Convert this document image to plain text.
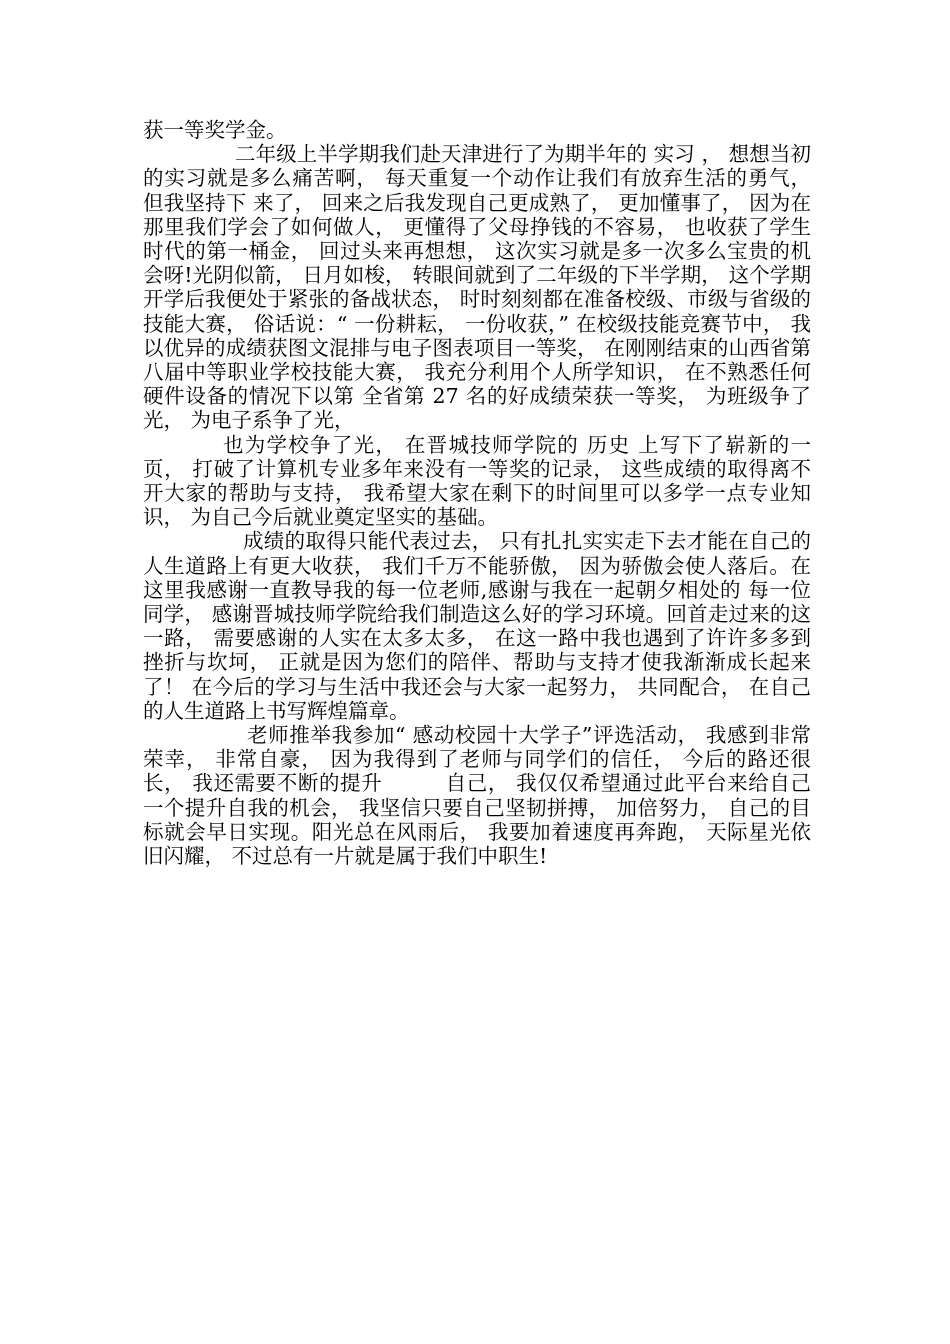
获一等奖学金。

二年级上半学期我们赴天津进行了为期半年的 实习 ， 想想当初的实习就是多么痛苦啊， 每天重复一个动作让我们有放弃生活的勇气， 但我坚持下 来了， 回来之后我发现自己更成熟了， 更加懂事了， 因为在那里我们学会了如何做人， 更懂得了父母挣钱的不容易， 也收获了学生时代的第一桶金， 回过头来再想想， 这次实习就是多一次多么宝贵的机会呀!光阴似箭， 日月如梭， 转眼间就到了二年级的下半学期， 这个学期开学后我便处于紧张的备战状态， 时时刻刻都在准备校级、市级与省级的技能大赛， 俗话说：“ 一份耕耘， 一份收获，” 在校级技能竞赛节中， 我以优异的成绩获图文混排与电子图表项目一等奖， 在刚刚结束的山西省第八届中等职业学校技能大赛， 我充分利用个人所学知识， 在不熟悉任何硬件设备的情况下以第 全省第 27 名的好成绩荣获一等奖， 为班级争了光， 为电子系争了光，

也为学校争了光， 在晋城技师学院的 历史 上写下了崭新的一页， 打破了计算机专业多年来没有一等奖的记录， 这些成绩的取得离不开大家的帮助与支持， 我希望大家在剩下的时间里可以多学一点专业知识， 为自己今后就业奠定坚实的基础。

成绩的取得只能代表过去， 只有扎扎实实走下去才能在自己的人生道路上有更大收获， 我们千万不能骄傲， 因为骄傲会使人落后。在这里我感谢一直教导我的每一位老师,感谢与我在一起朝夕相处的 每一位同学， 感谢晋城技师学院给我们制造这么好的学习环境。回首走过来的这一路， 需要感谢的人实在太多太多， 在这一路中我也遇到了许许多多到挫折与坎坷， 正就是因为您们的陪伴、帮助与支持才使我渐渐成长起来了！ 在今后的学习与生活中我还会与大家一起努力， 共同配合， 在自己的人生道路上书写辉煌篇章。

老师推举我参加“ 感动校园十大学子”评选活动， 我感到非常荣幸， 非常自豪， 因为我得到了老师与同学们的信任， 今后的路还很长， 我还需要不断的提升　　　自己， 我仅仅希望通过此平台来给自己一个提升自我的机会， 我坚信只要自己坚韧拼搏， 加倍努力， 自己的目标就会早日实现。阳光总在风雨后， 我要加着速度再奔跑， 天际星光依旧闪耀， 不过总有一片就是属于我们中职生!
